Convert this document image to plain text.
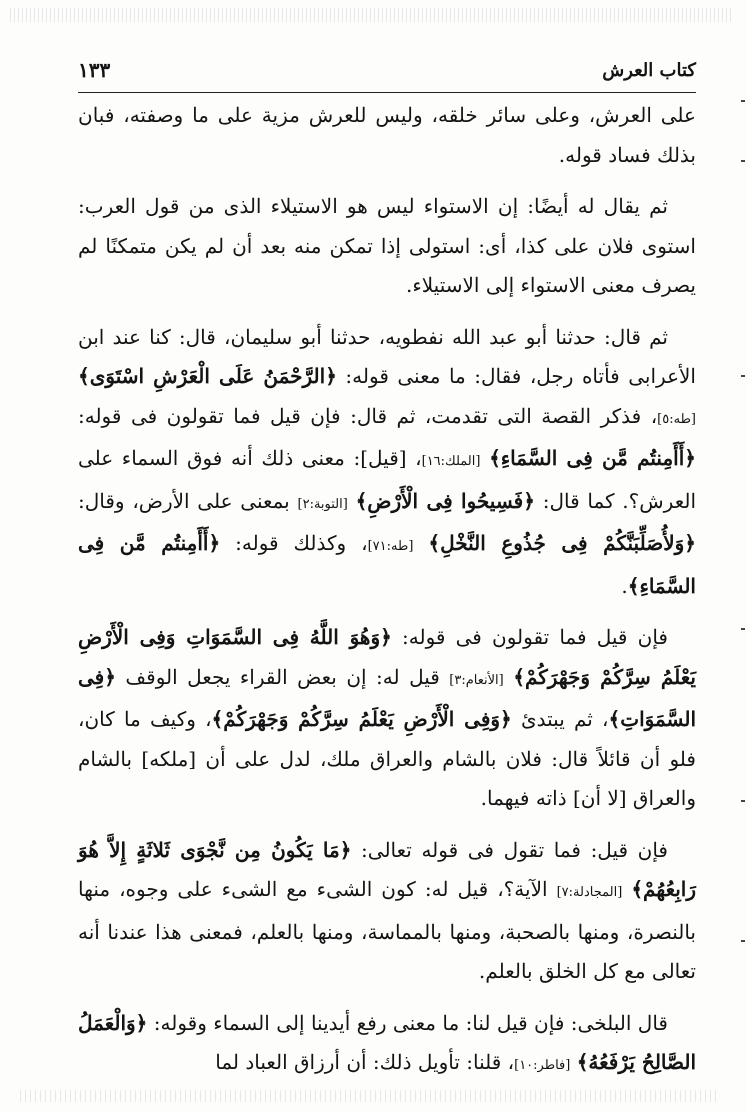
كتاب العرش
١٣٣

على العرش، وعلى سائر خلقه، وليس للعرش مزية على ما وصفته، فبان بذلك فساد قوله.

ثم يقال له أيضًا: إن الاستواء ليس هو الاستيلاء الذى من قول العرب: استوى فلان على كذا، أى: استولى إذا تمكن منه بعد أن لم يكن متمكنًا لم يصرف معنى الاستواء إلى الاستيلاء.

ثم قال: حدثنا أبو عبد الله نفطويه، حدثنا أبو سليمان، قال: كنا عند ابن الأعرابى فأتاه رجل، فقال: ما معنى قوله: ﴿الرَّحْمَنُ عَلَى الْعَرْشِ اسْتَوَى﴾ [طه:٥]، فذكر القصة التى تقدمت، ثم قال: فإن قيل فما تقولون فى قوله: ﴿أَأَمِنتُم مَّن فِى السَّمَاءِ﴾ [الملك:١٦]، [قيل]: معنى ذلك أنه فوق السماء على العرش؟. كما قال: ﴿فَسِيحُوا فِى الْأَرْضِ﴾ [التوبة:٢] بمعنى على الأرض، وقال: ﴿وَلأُصَلِّبَنَّكُمْ فِى جُذُوعِ النَّخْلِ﴾ [طه:٧١]، وكذلك قوله: ﴿أَأَمِنتُم مَّن فِى السَّمَاءِ﴾.

فإن قيل فما تقولون فى قوله: ﴿وَهُوَ اللَّهُ فِى السَّمَوَاتِ وَفِى الْأَرْضِ يَعْلَمُ سِرَّكُمْ وَجَهْرَكُمْ﴾ [الأنعام:٣] قيل له: إن بعض القراء يجعل الوقف ﴿فِى السَّمَوَاتِ﴾، ثم يبتدئ ﴿وَفِى الْأَرْضِ يَعْلَمُ سِرَّكُمْ وَجَهْرَكُمْ﴾، وكيف ما كان، فلو أن قائلاً قال: فلان بالشام والعراق ملك، لدل على أن [ملكه] بالشام والعراق [لا أن] ذاته فيهما.

فإن قيل: فما تقول فى قوله تعالى: ﴿مَا يَكُونُ مِن نَّجْوَى ثَلاثَةٍ إِلاَّ هُوَ رَابِعُهُمْ﴾ [المجادلة:٧] الآية؟، قيل له: كون الشىء مع الشىء على وجوه، منها بالنصرة، ومنها بالصحبة، ومنها بالمماسة، ومنها بالعلم، فمعنى هذا عندنا أنه تعالى مع كل الخلق بالعلم.

قال البلخى: فإن قيل لنا: ما معنى رفع أيدينا إلى السماء وقوله: ﴿وَالْعَمَلُ الصَّالِحُ يَرْفَعُهُ﴾ [فاطر:١٠]، قلنا: تأويل ذلك: أن أرزاق العباد لما
